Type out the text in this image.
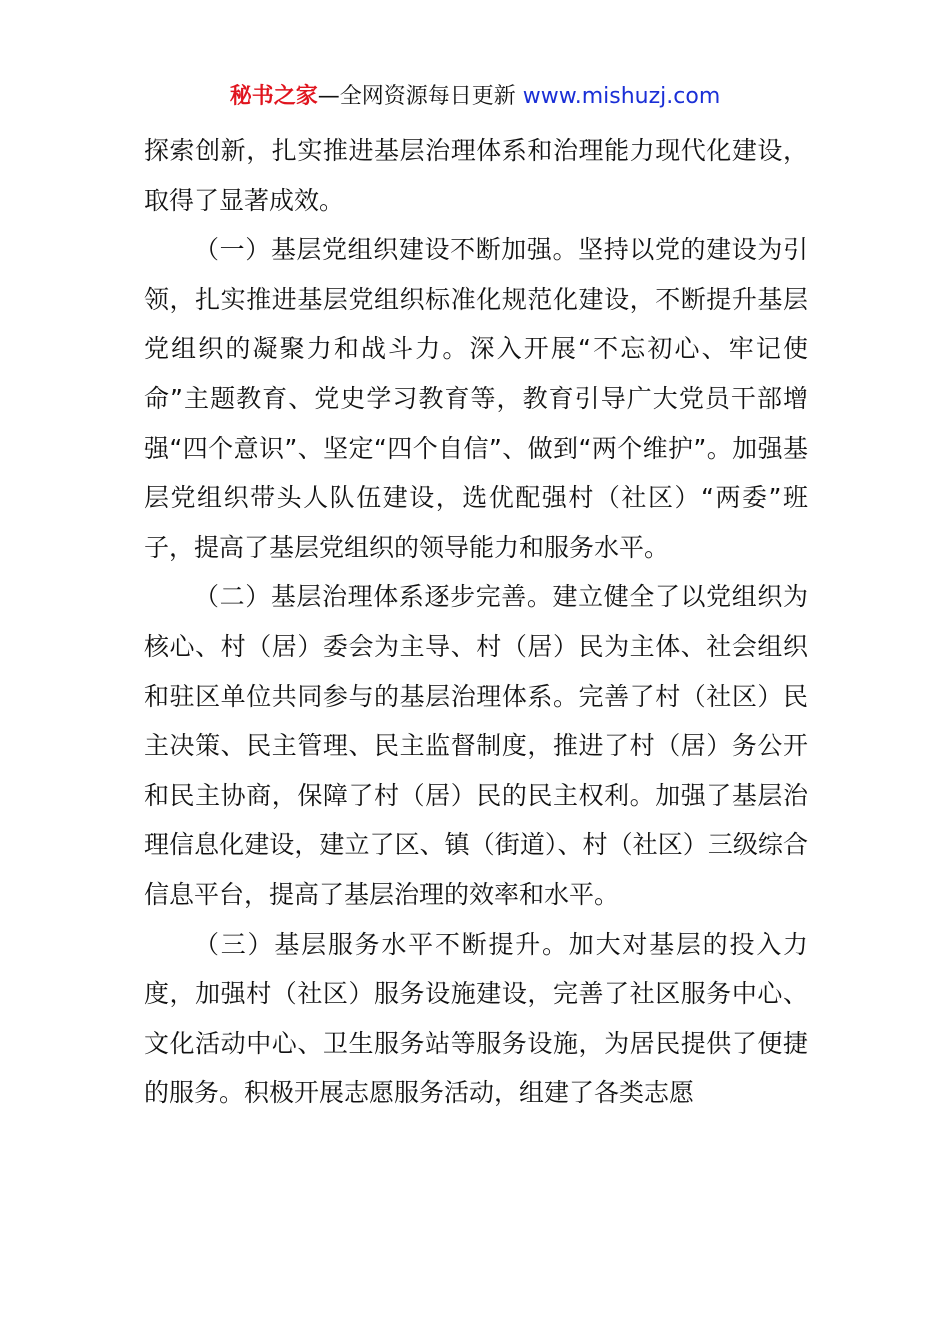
秘书之家—全网资源每日更新 www.mishuzj.com

探索创新，扎实推进基层治理体系和治理能力现代化建设，取得了显著成效。

（一）基层党组织建设不断加强。坚持以党的建设为引领，扎实推进基层党组织标准化规范化建设，不断提升基层党组织的凝聚力和战斗力。深入开展“不忘初心、牢记使命”主题教育、党史学习教育等，教育引导广大党员干部增强“四个意识”、坚定“四个自信”、做到“两个维护”。加强基层党组织带头人队伍建设，选优配强村（社区）“两委”班子，提高了基层党组织的领导能力和服务水平。

（二）基层治理体系逐步完善。建立健全了以党组织为核心、村（居）委会为主导、村（居）民为主体、社会组织和驻区单位共同参与的基层治理体系。完善了村（社区）民主决策、民主管理、民主监督制度，推进了村（居）务公开和民主协商，保障了村（居）民的民主权利。加强了基层治理信息化建设，建立了区、镇（街道）、村（社区）三级综合信息平台，提高了基层治理的效率和水平。

（三）基层服务水平不断提升。加大对基层的投入力度，加强村（社区）服务设施建设，完善了社区服务中心、文化活动中心、卫生服务站等服务设施，为居民提供了便捷的服务。积极开展志愿服务活动，组建了各类志愿
